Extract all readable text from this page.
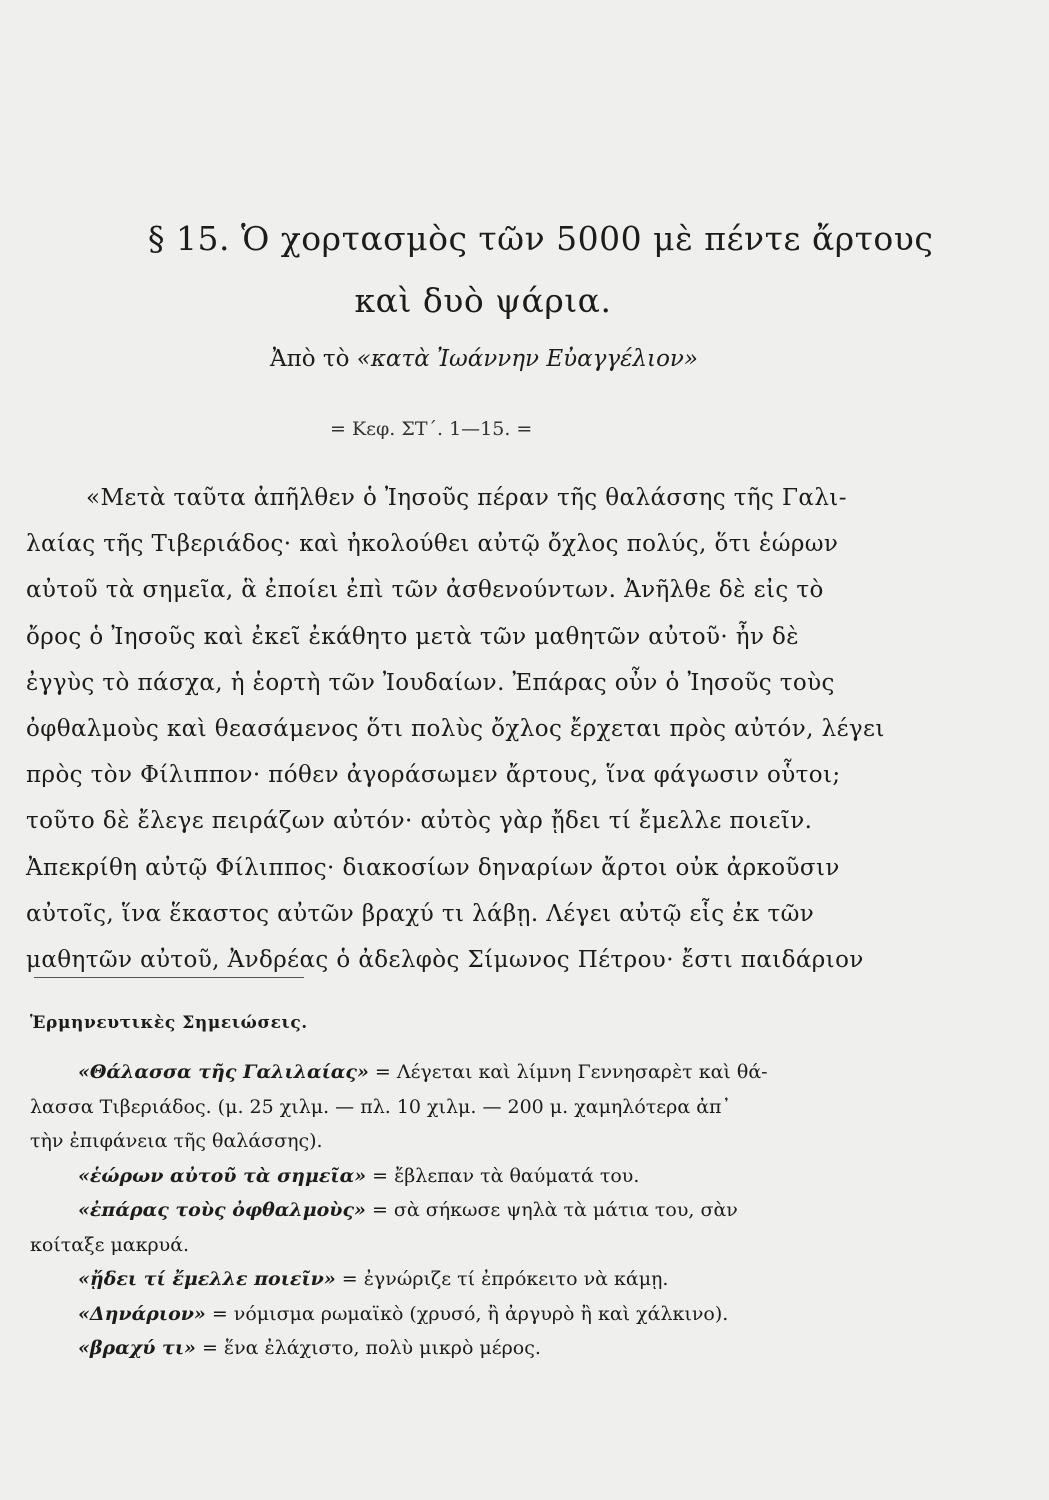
§ 15. Ὁ χορτασμὸς τῶν 5000 μὲ πέντε ἄρτους
καὶ δυὸ ψάρια.
Ἀπὸ τὸ «κατὰ Ἰωάννην Εὐαγγέλιον»
= Κεφ. ΣΤ΄. 1—15. =
«Μετὰ ταῦτα ἀπῆλθεν ὁ Ἰησοῦς πέραν τῆς θαλάσσης τῆς Γαλι-
λαίας τῆς Τιβεριάδος· καὶ ἠκολούθει αὐτῷ ὄχλος πολύς, ὅτι ἑώρων
αὐτοῦ τὰ σημεῖα, ἃ ἐποίει ἐπὶ τῶν ἀσθενούντων. Ἀνῆλθε δὲ εἰς τὸ
ὄρος ὁ Ἰησοῦς καὶ ἐκεῖ ἐκάθητο μετὰ τῶν μαθητῶν αὐτοῦ· ἦν δὲ
ἐγγὺς τὸ πάσχα, ἡ ἑορτὴ τῶν Ἰουδαίων. Ἐπάρας οὖν ὁ Ἰησοῦς τοὺς
ὀφθαλμοὺς καὶ θεασάμενος ὅτι πολὺς ὄχλος ἔρχεται πρὸς αὐτόν, λέγει
πρὸς τὸν Φίλιππον· πόθεν ἀγοράσωμεν ἄρτους, ἵνα φάγωσιν οὗτοι;
τοῦτο δὲ ἔλεγε πειράζων αὐτόν· αὐτὸς γὰρ ᾔδει τί ἔμελλε ποιεῖν.
Ἀπεκρίθη αὐτῷ Φίλιππος· διακοσίων δηναρίων ἄρτοι οὐκ ἀρκοῦσιν
αὐτοῖς, ἵνα ἕκαστος αὐτῶν βραχύ τι λάβῃ. Λέγει αὐτῷ εἷς ἐκ τῶν
μαθητῶν αὐτοῦ, Ἀνδρέας ὁ ἀδελφὸς Σίμωνος Πέτρου· ἔστι παιδάριον
Ἑρμηνευτικὲς Σημειώσεις.
«Θάλασσα τῆς Γαλιλαίας» = Λέγεται καὶ λίμνη Γεννησαρὲτ καὶ θά-
λασσα Τιβεριάδος. (μ. 25 χιλμ. — πλ. 10 χιλμ. — 200 μ. χαμηλότερα ἀπ᾿
τὴν ἐπιφάνεια τῆς θαλάσσης).
«ἑώρων αὐτοῦ τὰ σημεῖα» = ἔβλεπαν τὰ θαύματά του.
«ἐπάρας τοὺς ὀφθαλμοὺς» = σὰ σήκωσε ψηλὰ τὰ μάτια του, σὰν
κοίταξε μακρυά.
«ᾔδει τί ἔμελλε ποιεῖν» = ἐγνώριζε τί ἐπρόκειτο νὰ κάμῃ.
«Δηνάριον» = νόμισμα ρωμαϊκὸ (χρυσό, ἢ ἀργυρὸ ἢ καὶ χάλκινο).
«βραχύ τι» = ἕνα ἐλάχιστο, πολὺ μικρὸ μέρος.
